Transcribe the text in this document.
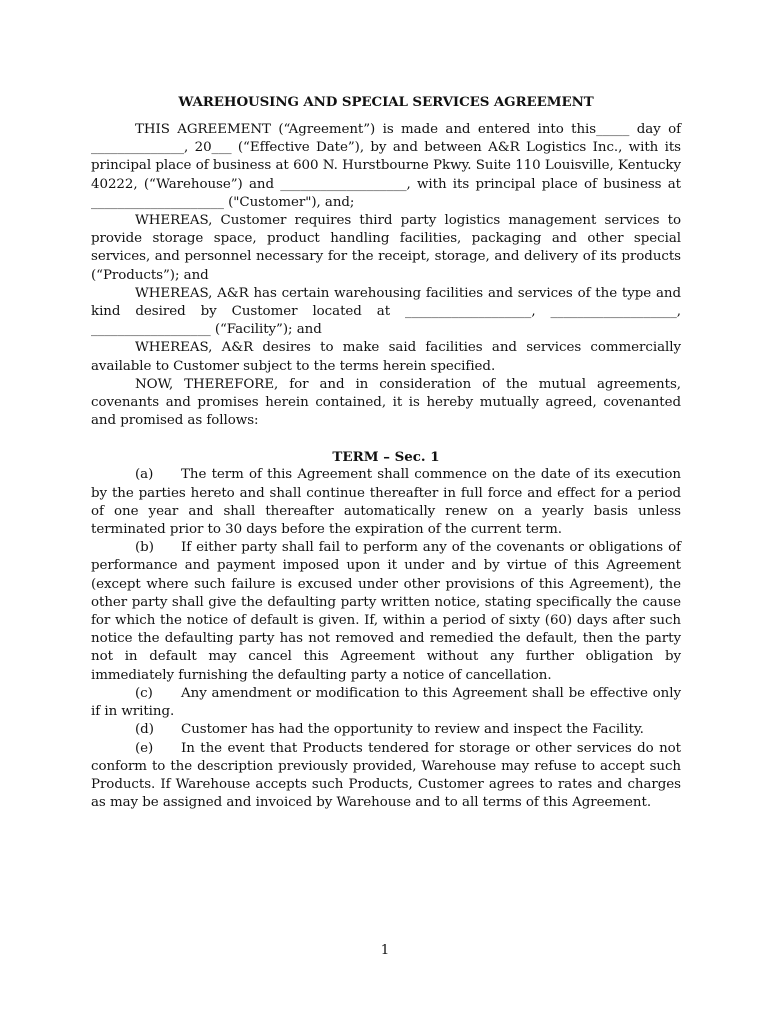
WAREHOUSING AND SPECIAL SERVICES AGREEMENT

THIS AGREEMENT (“Agreement”) is made and entered into this_____ day of ______________, 20___ (“Effective Date”), by and between A&R Logistics Inc., with its principal place of business at 600 N. Hurstbourne Pkwy. Suite 110 Louisville, Kentucky 40222, (“Warehouse”) and ___________________, with its principal place of business at ____________________ ("Customer"), and;

WHEREAS, Customer requires third party logistics management services to provide storage space, product handling facilities, packaging and other special services, and personnel necessary for the receipt, storage, and delivery of its products (“Products”); and

WHEREAS, A&R has certain warehousing facilities and services of the type and kind desired by Customer located at ___________________, ___________________, __________________ (“Facility”); and

WHEREAS, A&R desires to make said facilities and services commercially available to Customer subject to the terms herein specified.

NOW, THEREFORE, for and in consideration of the mutual agreements, covenants and promises herein contained, it is hereby mutually agreed, covenanted and promised as follows:

TERM – Sec. 1

(a) The term of this Agreement shall commence on the date of its execution by the parties hereto and shall continue thereafter in full force and effect for a period of one year and shall thereafter automatically renew on a yearly basis unless terminated prior to 30 days before the expiration of the current term.

(b) If either party shall fail to perform any of the covenants or obligations of performance and payment imposed upon it under and by virtue of this Agreement (except where such failure is excused under other provisions of this Agreement), the other party shall give the defaulting party written notice, stating specifically the cause for which the notice of default is given. If, within a period of sixty (60) days after such notice the defaulting party has not removed and remedied the default, then the party not in default may cancel this Agreement without any further obligation by immediately furnishing the defaulting party a notice of cancellation.

(c) Any amendment or modification to this Agreement shall be effective only if in writing.

(d) Customer has had the opportunity to review and inspect the Facility.

(e) In the event that Products tendered for storage or other services do not conform to the description previously provided, Warehouse may refuse to accept such Products. If Warehouse accepts such Products, Customer agrees to rates and charges as may be assigned and invoiced by Warehouse and to all terms of this Agreement.

1
